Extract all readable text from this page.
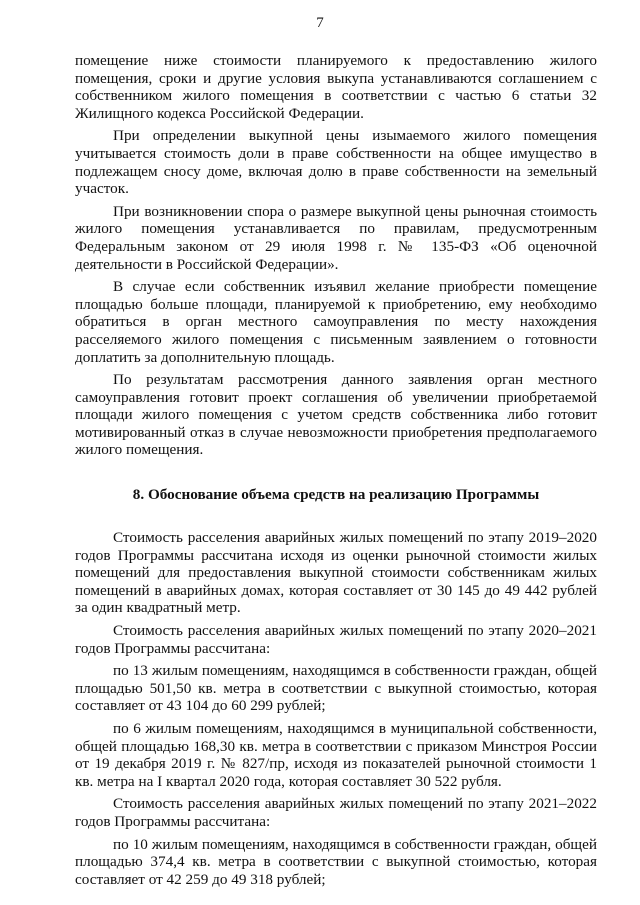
7

помещение ниже стоимости планируемого к предоставлению жилого помещения, сроки и другие условия выкупа устанавливаются соглашением с собственником жилого помещения в соответствии с частью 6 статьи 32 Жилищного кодекса Российской Федерации.

При определении выкупной цены изымаемого жилого помещения учитывается стоимость доли в праве собственности на общее имущество в подлежащем сносу доме, включая долю в праве собственности на земельный участок.

При возникновении спора о размере выкупной цены рыночная стоимость жилого помещения устанавливается по правилам, предусмотренным Федеральным законом от 29 июля 1998 г. № 135-ФЗ «Об оценочной деятельности в Российской Федерации».

В случае если собственник изъявил желание приобрести помещение площадью больше площади, планируемой к приобретению, ему необходимо обратиться в орган местного самоуправления по месту нахождения расселяемого жилого помещения с письменным заявлением о готовности доплатить за дополнительную площадь.

По результатам рассмотрения данного заявления орган местного самоуправления готовит проект соглашения об увеличении приобретаемой площади жилого помещения с учетом средств собственника либо готовит мотивированный отказ в случае невозможности приобретения предполагаемого жилого помещения.

8. Обоснование объема средств на реализацию Программы

Стоимость расселения аварийных жилых помещений по этапу 2019–2020 годов Программы рассчитана исходя из оценки рыночной стоимости жилых помещений для предоставления выкупной стоимости собственникам жилых помещений в аварийных домах, которая составляет от 30 145 до 49 442 рублей за один квадратный метр.

Стоимость расселения аварийных жилых помещений по этапу 2020–2021 годов Программы рассчитана:

по 13 жилым помещениям, находящимся в собственности граждан, общей площадью 501,50 кв. метра в соответствии с выкупной стоимостью, которая составляет от 43 104 до 60 299 рублей;

по 6 жилым помещениям, находящимся в муниципальной собственности, общей площадью 168,30 кв. метра в соответствии с приказом Минстроя России от 19 декабря 2019 г. № 827/пр, исходя из показателей рыночной стоимости 1 кв. метра на I квартал 2020 года, которая составляет 30 522 рубля.

Стоимость расселения аварийных жилых помещений по этапу 2021–2022 годов Программы рассчитана:

по 10 жилым помещениям, находящимся в собственности граждан, общей площадью 374,4 кв. метра в соответствии с выкупной стоимостью, которая составляет от 42 259 до 49 318 рублей;
